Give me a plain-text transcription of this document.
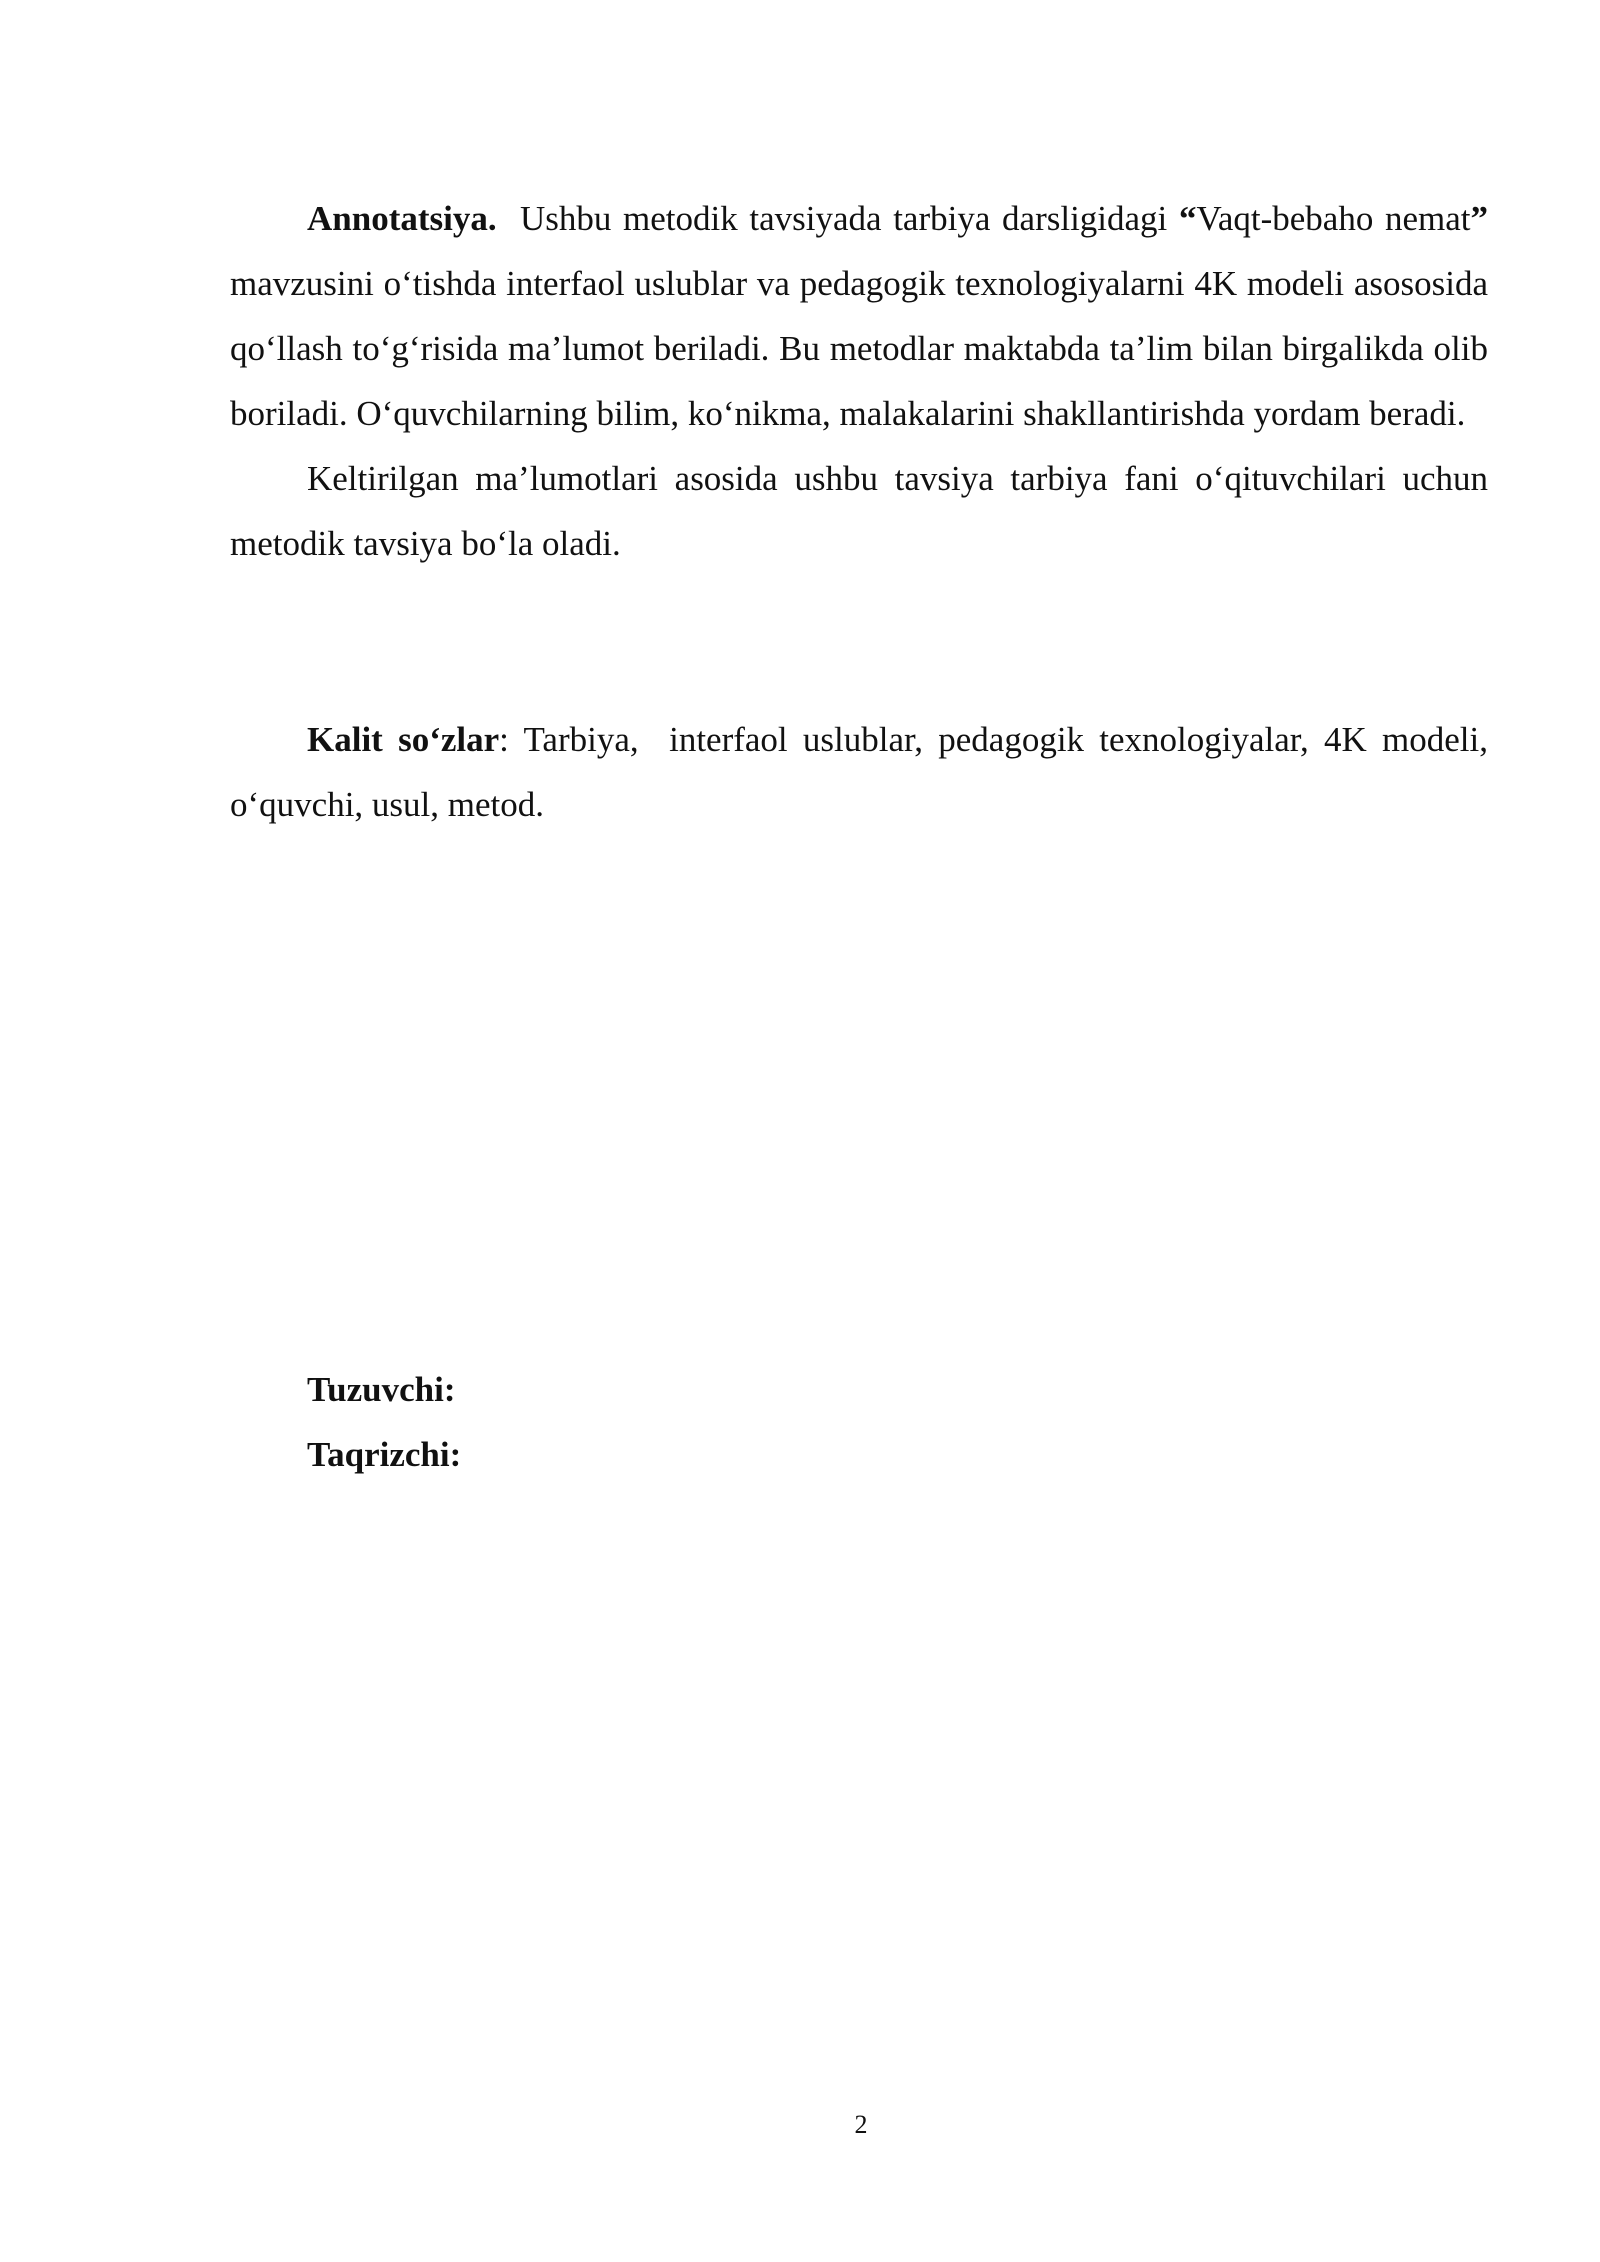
Annotatsiya. Ushbu metodik tavsiyada tarbiya darsligidagi “Vaqt-bebaho nemat” mavzusini o‘tishda interfaol uslublar va pedagogik texnologiyalarni 4K modeli asososida qo‘llash to‘g‘risida ma’lumot beriladi. Bu metodlar maktabda ta’lim bilan birgalikda olib boriladi. O‘quvchilarning bilim, ko‘nikma, malakalarini shakllantirishda yordam beradi.

Keltirilgan ma’lumotlari asosida ushbu tavsiya tarbiya fani o‘qituvchilari uchun metodik tavsiya bo‘la oladi.

Kalit so‘zlar: Tarbiya,  interfaol uslublar, pedagogik texnologiyalar, 4K modeli, o‘quvchi, usul, metod.

Tuzuvchi:
Taqrizchi:
2
